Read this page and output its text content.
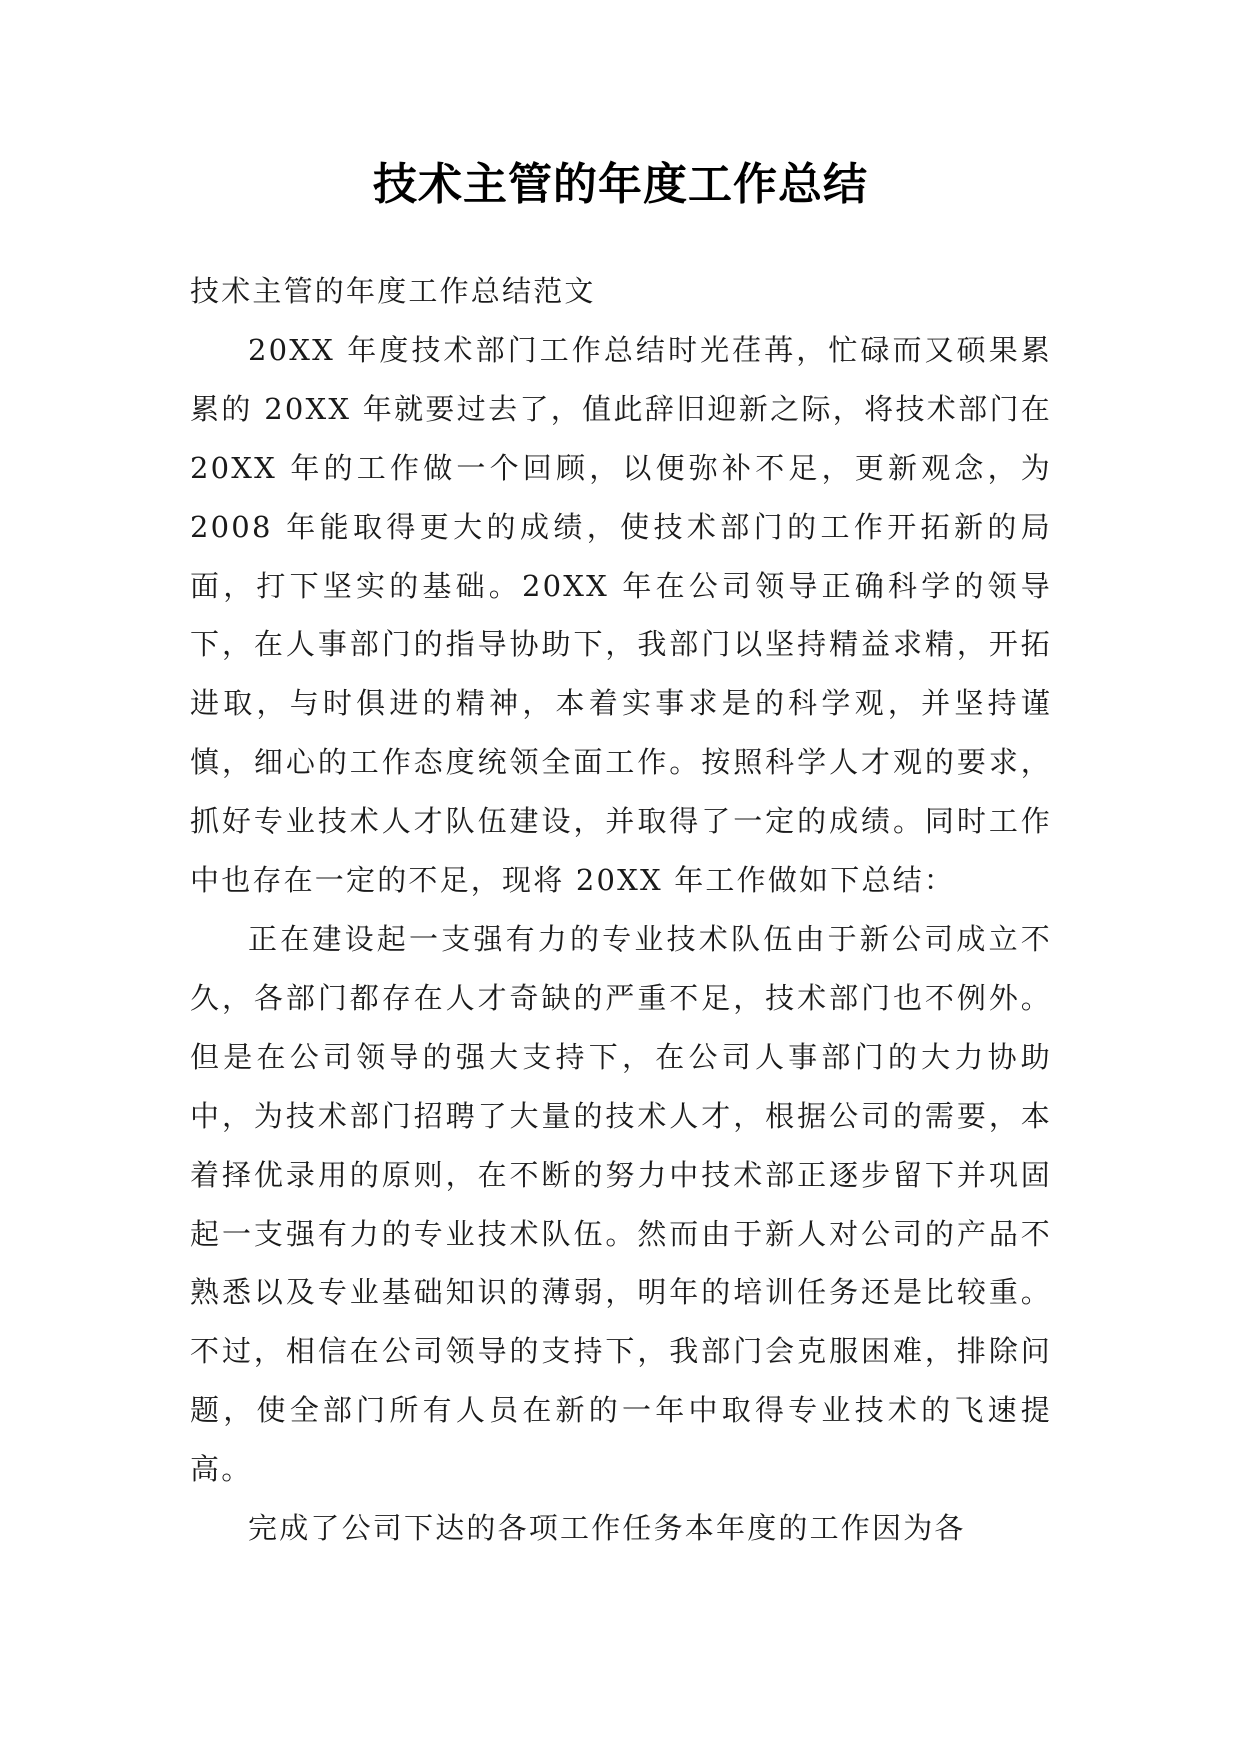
技术主管的年度工作总结

技术主管的年度工作总结范文

20XX 年度技术部门工作总结时光荏苒，忙碌而又硕果累累的 20XX 年就要过去了，值此辞旧迎新之际，将技术部门在 20XX 年的工作做一个回顾，以便弥补不足，更新观念，为 2008 年能取得更大的成绩，使技术部门的工作开拓新的局面，打下坚实的基础。20XX 年在公司领导正确科学的领导下，在人事部门的指导协助下，我部门以坚持精益求精，开拓进取，与时俱进的精神，本着实事求是的科学观，并坚持谨慎，细心的工作态度统领全面工作。按照科学人才观的要求，抓好专业技术人才队伍建设，并取得了一定的成绩。同时工作中也存在一定的不足，现将 20XX 年工作做如下总结：

正在建设起一支强有力的专业技术队伍由于新公司成立不久，各部门都存在人才奇缺的严重不足，技术部门也不例外。但是在公司领导的强大支持下，在公司人事部门的大力协助中，为技术部门招聘了大量的技术人才，根据公司的需要，本着择优录用的原则，在不断的努力中技术部正逐步留下并巩固起一支强有力的专业技术队伍。然而由于新人对公司的产品不熟悉以及专业基础知识的薄弱，明年的培训任务还是比较重。不过，相信在公司领导的支持下，我部门会克服困难，排除问题，使全部门所有人员在新的一年中取得专业技术的飞速提高。

完成了公司下达的各项工作任务本年度的工作因为各
